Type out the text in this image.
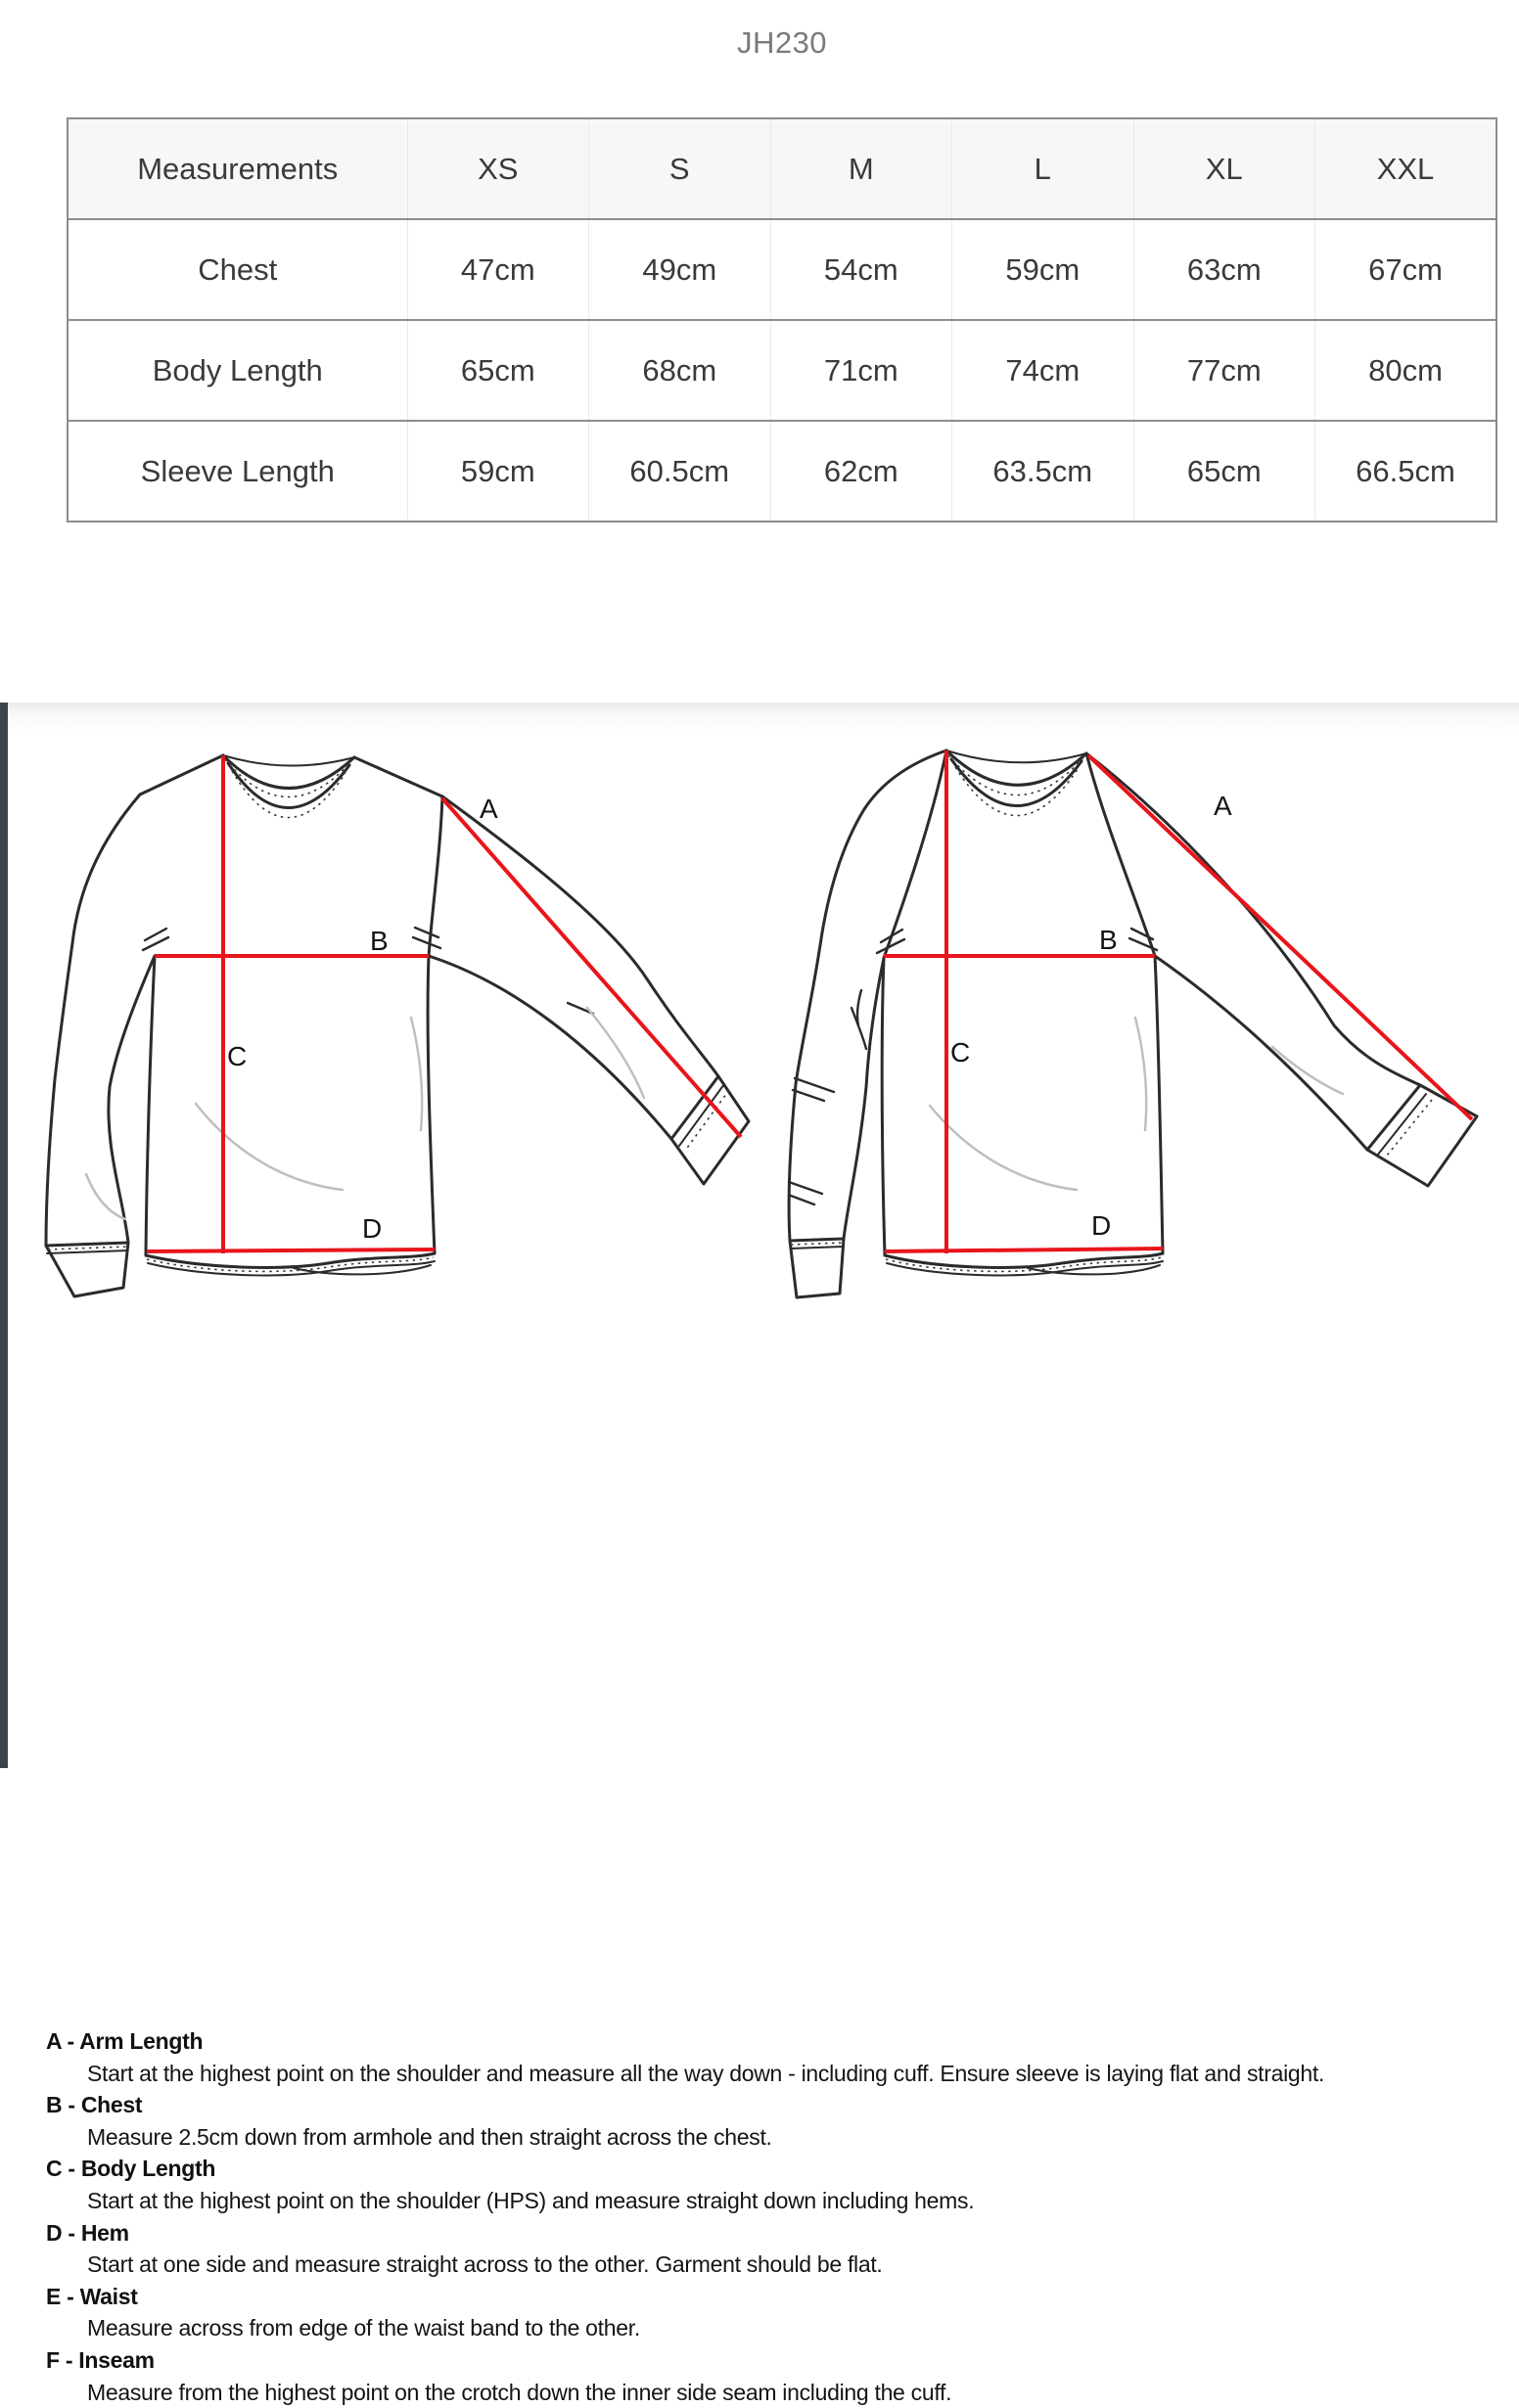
JH230
Measurements	XS	S	M	L	XL	XXL
Chest	47cm	49cm	54cm	59cm	63cm	67cm
Body Length	65cm	68cm	71cm	74cm	77cm	80cm
Sleeve Length	59cm	60.5cm	62cm	63.5cm	65cm	66.5cm
A
B
C
D
A
B
C
D
A - Arm Length
Start at the highest point on the shoulder and measure all the way down - including cuff. Ensure sleeve is laying flat and straight.
B - Chest
Measure 2.5cm down from armhole and then straight across the chest.
C - Body Length
Start at the highest point on the shoulder (HPS) and measure straight down including hems.
D - Hem
Start at one side and measure straight across to the other. Garment should be flat.
E - Waist
Measure across from edge of the waist band to the other.
F - Inseam
Measure from the highest point on the crotch down the inner side seam including the cuff.
